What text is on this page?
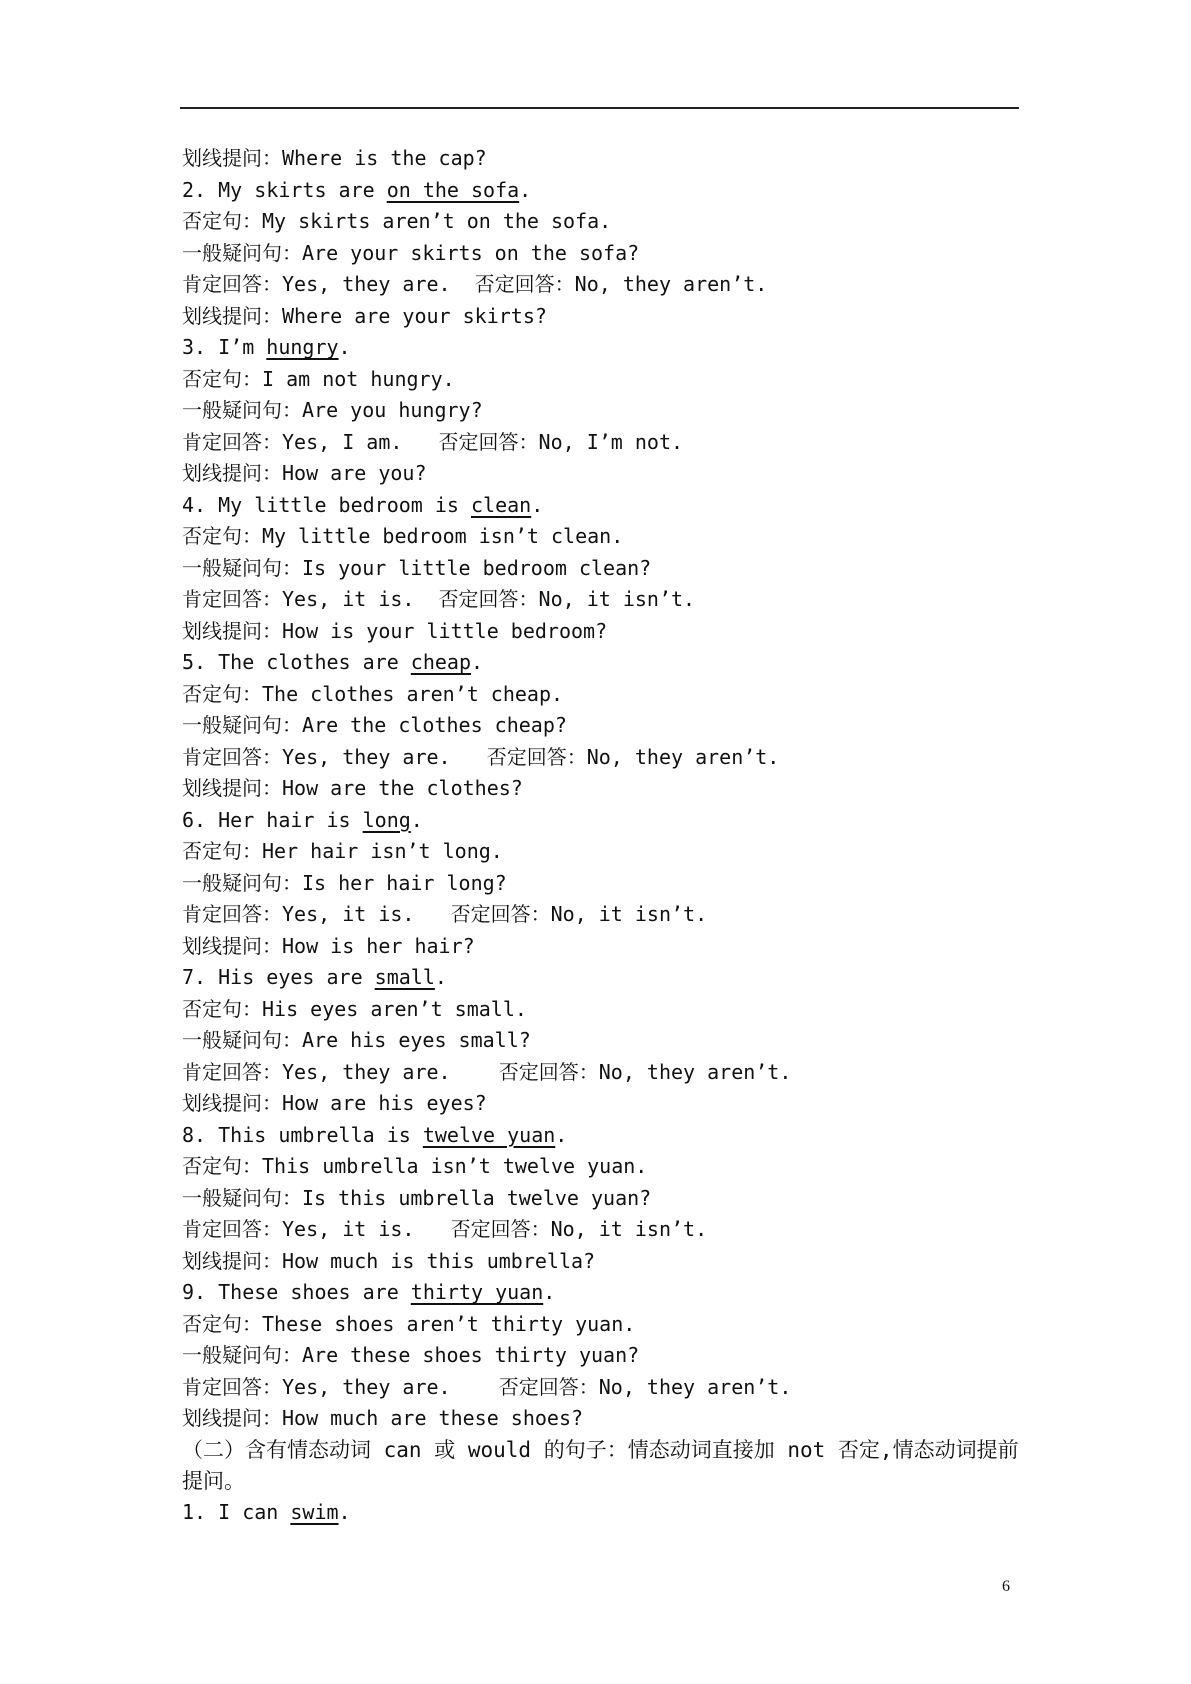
划线提问：Where is the cap?
2. My skirts are on the sofa.
否定句：My skirts aren’t on the sofa.
一般疑问句：Are your skirts on the sofa?
肯定回答：Yes, they are.  否定回答：No, they aren’t.
划线提问：Where are your skirts?
3. I’m hungry.
否定句：I am not hungry.
一般疑问句：Are you hungry?
肯定回答：Yes, I am.   否定回答：No, I’m not.
划线提问：How are you?
4. My little bedroom is clean.
否定句：My little bedroom isn’t clean.
一般疑问句：Is your little bedroom clean?
肯定回答：Yes, it is.  否定回答：No, it isn’t.
划线提问：How is your little bedroom?
5. The clothes are cheap.
否定句：The clothes aren’t cheap.
一般疑问句：Are the clothes cheap?
肯定回答：Yes, they are.   否定回答：No, they aren’t.
划线提问：How are the clothes?
6. Her hair is long.
否定句：Her hair isn’t long.
一般疑问句：Is her hair long?
肯定回答：Yes, it is.   否定回答：No, it isn’t.
划线提问：How is her hair?
7. His eyes are small.
否定句：His eyes aren’t small.
一般疑问句：Are his eyes small?
肯定回答：Yes, they are.    否定回答：No, they aren’t.
划线提问：How are his eyes?
8. This umbrella is twelve yuan.
否定句：This umbrella isn’t twelve yuan.
一般疑问句：Is this umbrella twelve yuan?
肯定回答：Yes, it is.   否定回答：No, it isn’t.
划线提问：How much is this umbrella?
9. These shoes are thirty yuan.
否定句：These shoes aren’t thirty yuan.
一般疑问句：Are these shoes thirty yuan?
肯定回答：Yes, they are.    否定回答：No, they aren’t.
划线提问：How much are these shoes?
（二）含有情态动词 can 或 would 的句子：情态动词直接加 not 否定,情态动词提前提问。
1. I can swim.
6
